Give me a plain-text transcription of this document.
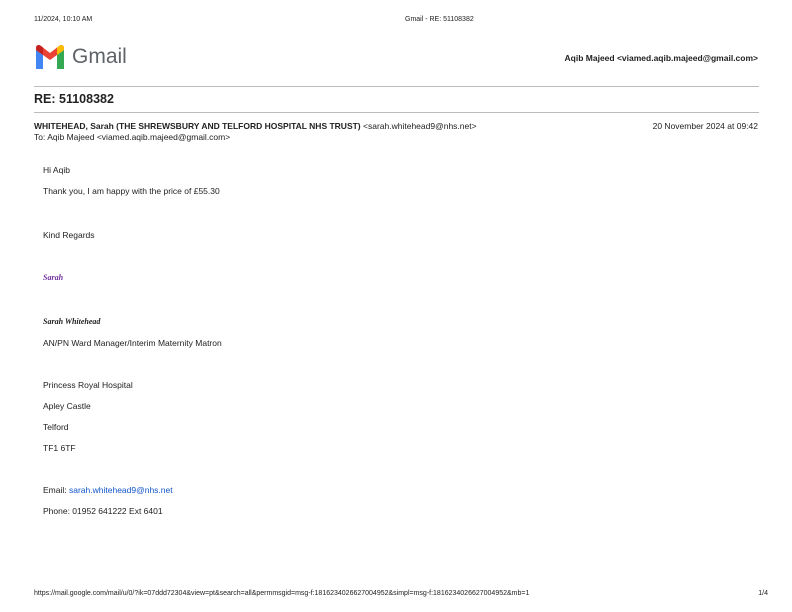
11/2024, 10:10 AM	Gmail - RE: 51108382
Gmail	Aqib Majeed <viamed.aqib.majeed@gmail.com>
RE: 51108382
WHITEHEAD, Sarah (THE SHREWSBURY AND TELFORD HOSPITAL NHS TRUST) <sarah.whitehead9@nhs.net>	20 November 2024 at 09:42
To: Aqib Majeed <viamed.aqib.majeed@gmail.com>
Hi Aqib
Thank you, I am happy with the price of £55.30
Kind Regards
Sarah
Sarah Whitehead
AN/PN Ward Manager/Interim Maternity Matron
Princess Royal Hospital
Apley Castle
Telford
TF1 6TF
Email: sarah.whitehead9@nhs.net
Phone: 01952 641222 Ext 6401
https://mail.google.com/mail/u/0/?ik=07ddd72304&view=pt&search=all&permmsgid=msg-f:1816234026627004952&simpl=msg-f:1816234026627004952&mb=1	1/4
